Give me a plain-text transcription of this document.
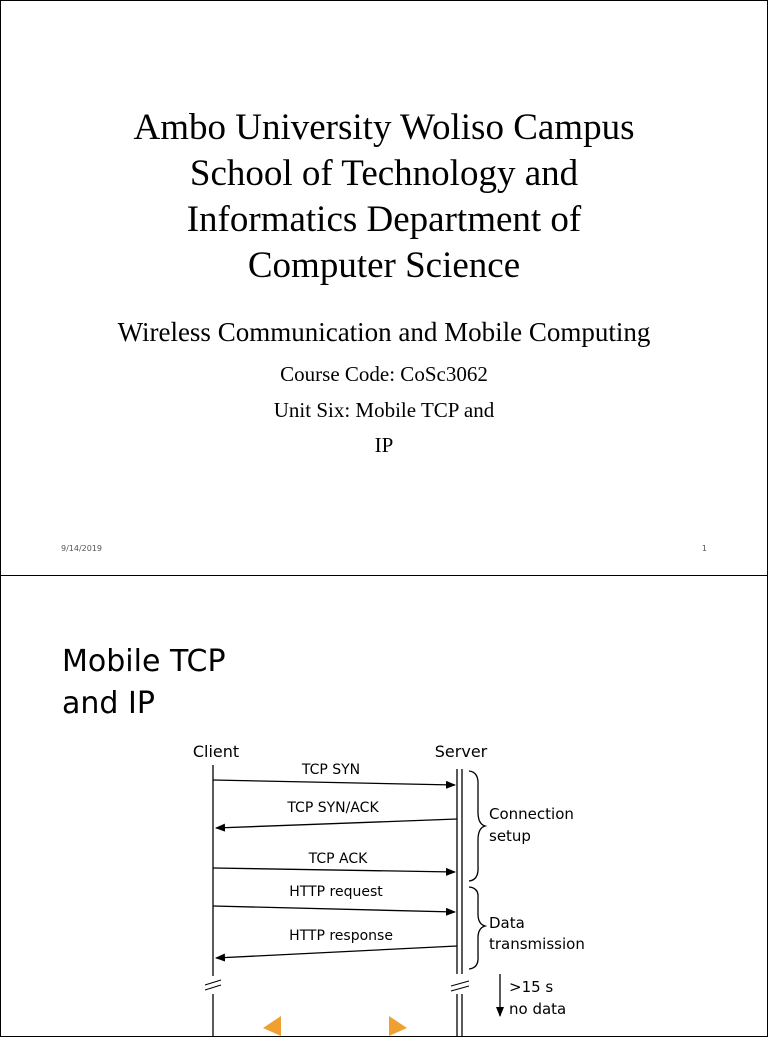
Ambo University Woliso Campus
School of Technology and
Informatics Department of
Computer Science
Wireless Communication and Mobile Computing
Course Code: CoSc3062
Unit Six: Mobile TCP and
IP
9/14/2019	1
Mobile TCP
and IP
Client	Server
TCP SYN
TCP SYN/ACK
TCP ACK
HTTP request
HTTP response
Connection
setup
Data
transmission
>15 s
no data
